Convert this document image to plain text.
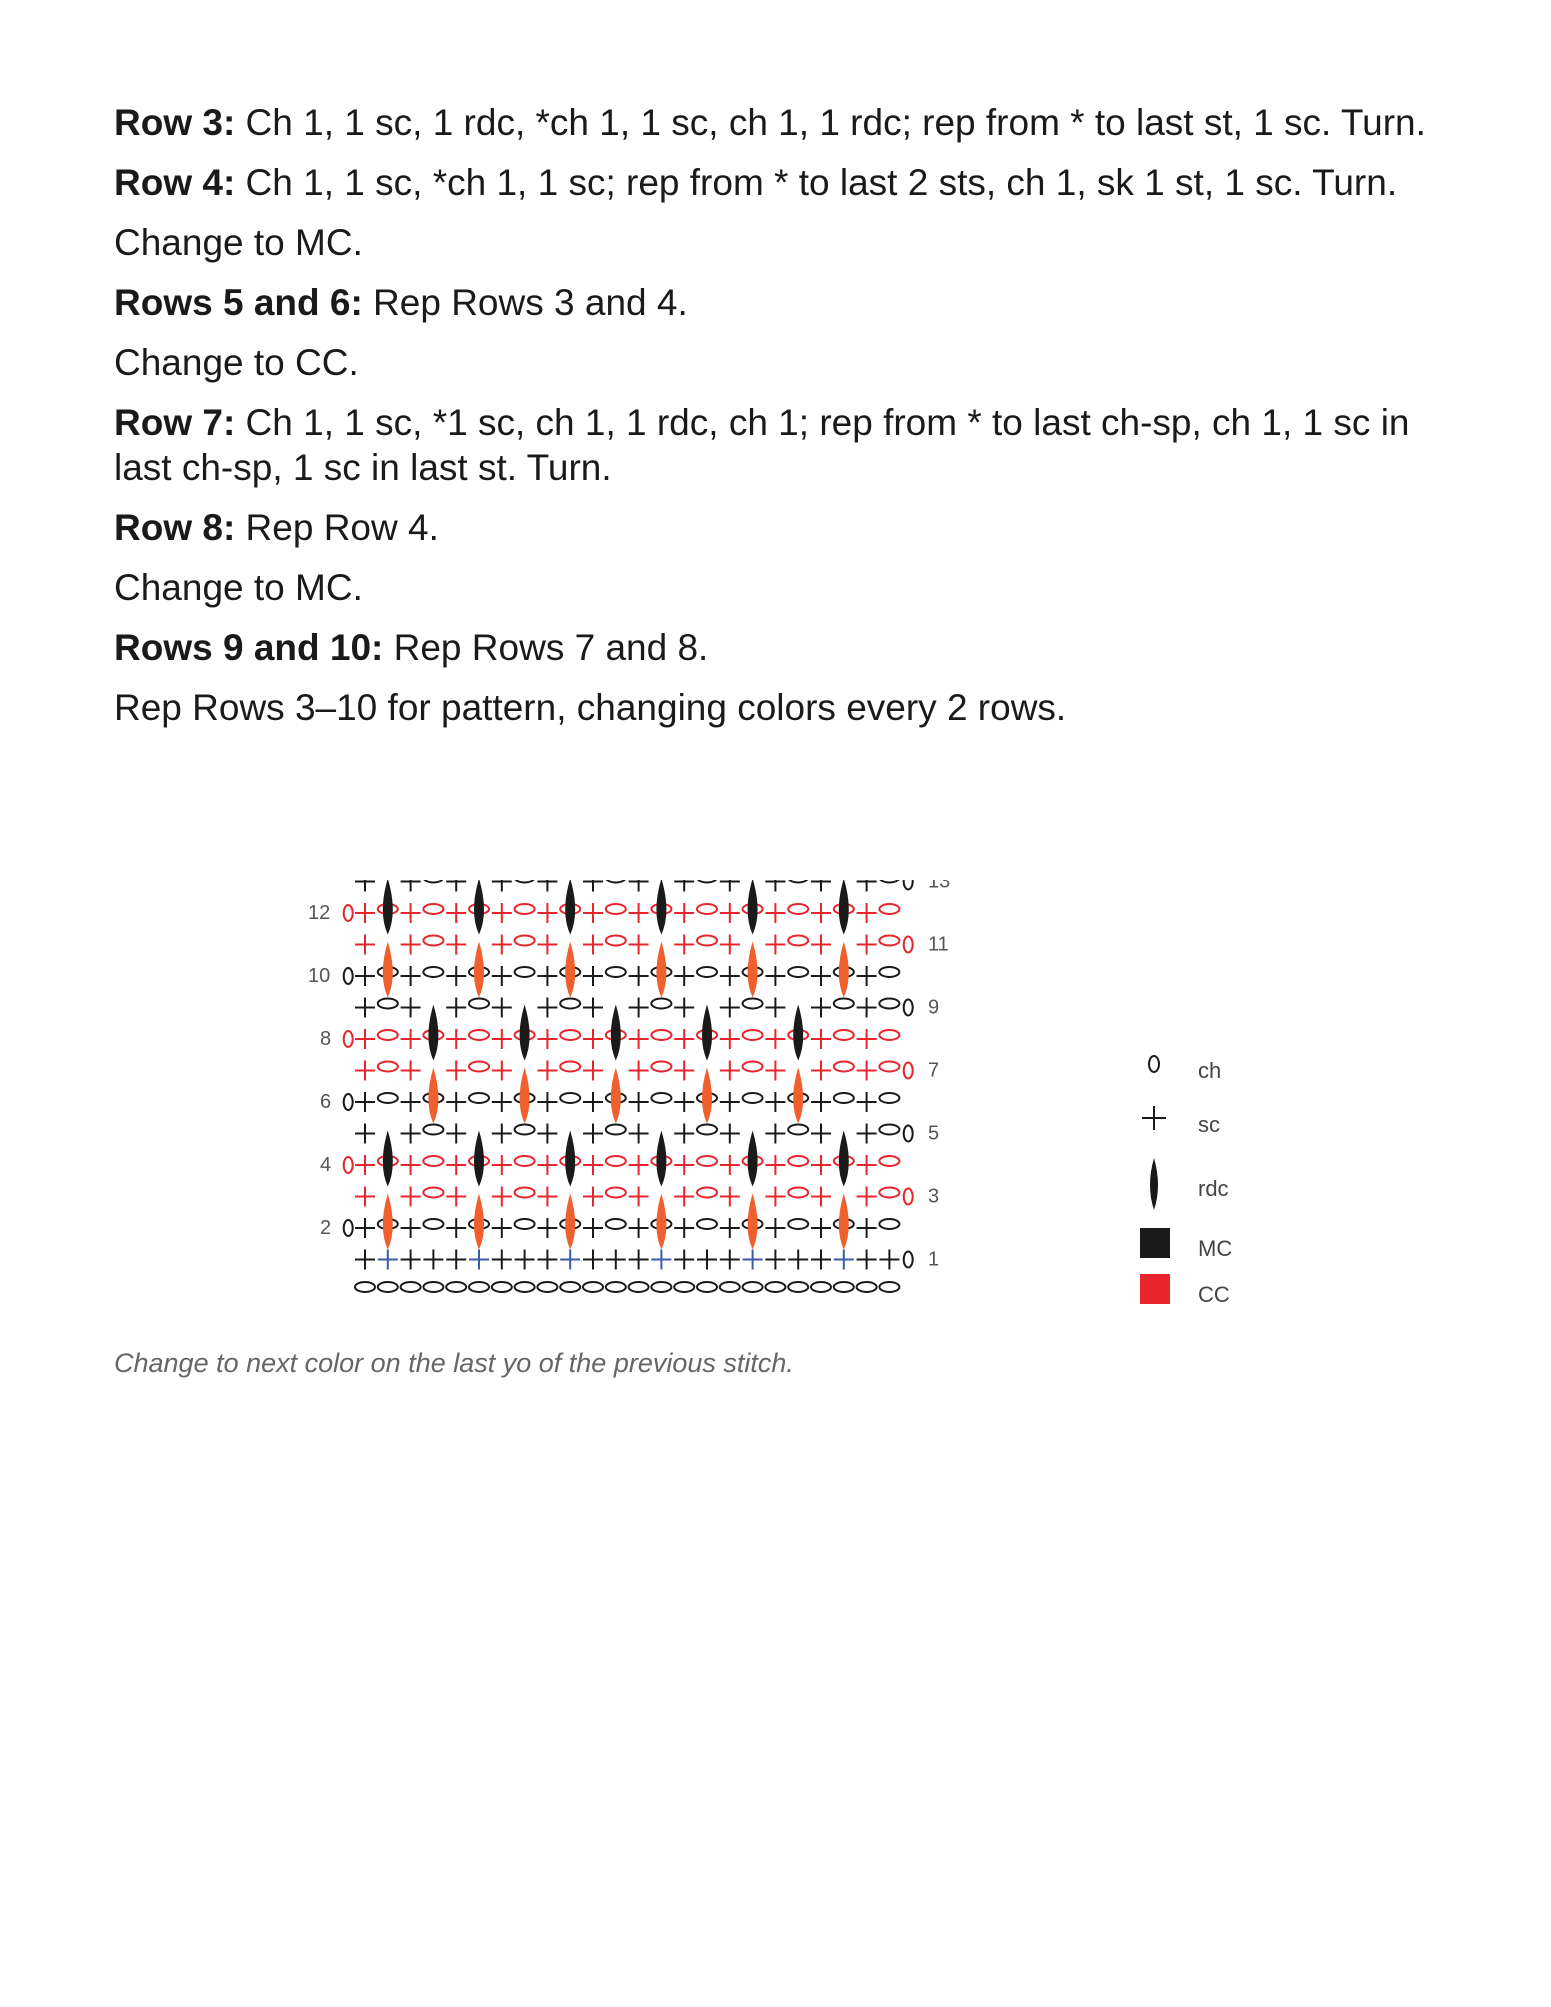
Row 3: Ch 1, 1 sc, 1 rdc, *ch 1, 1 sc, ch 1, 1 rdc; rep from * to last st, 1 sc. Turn.

Row 4: Ch 1, 1 sc, *ch 1, 1 sc; rep from * to last 2 sts, ch 1, sk 1 st, 1 sc. Turn.

Change to MC.

Rows 5 and 6: Rep Rows 3 and 4.

Change to CC.

Row 7: Ch 1, 1 sc, *1 sc, ch 1, 1 rdc, ch 1; rep from * to last ch-sp, ch 1, 1 sc in last ch-sp, 1 sc in last st. Turn.

Row 8: Rep Row 4.

Change to MC.

Rows 9 and 10: Rep Rows 7 and 8.

Rep Rows 3–10 for pattern, changing colors every 2 rows.

12
10
8
6
4
2
13
11
9
7
5
3
1
ch
sc
rdc
MC
CC
Change to next color on the last yo of the previous stitch.
